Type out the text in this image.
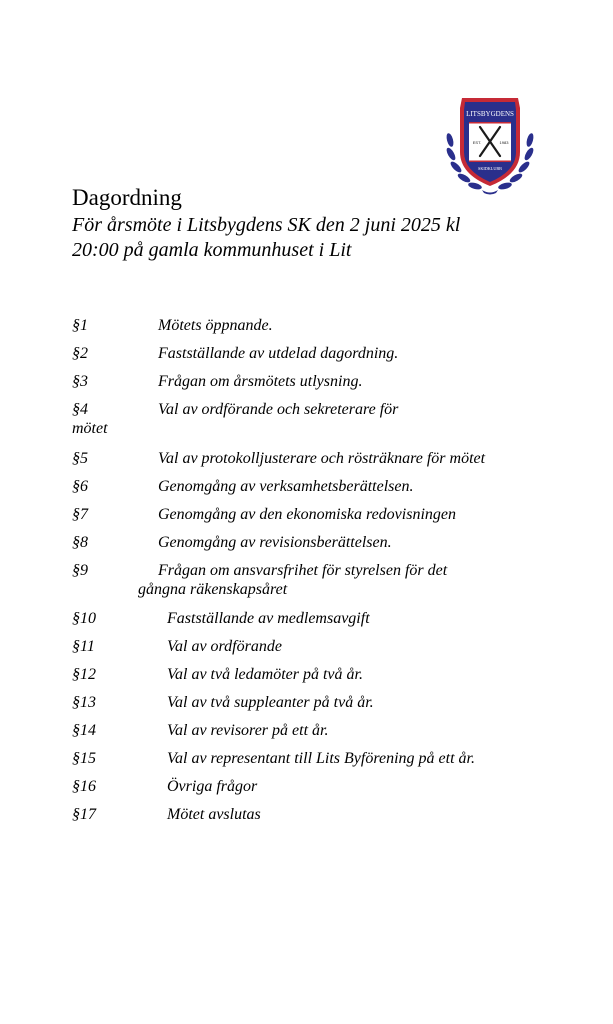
LITSBYGDENS
EST.	1983
SKIDKLUBB
Dagordning
För årsmöte i Litsbygdens SK den 2 juni 2025 kl
20:00 på gamla kommunhuset i Lit
§1	Mötets öppnande.
§2	Fastställande av utdelad dagordning.
§3	Frågan om årsmötets utlysning.
§4	Val av ordförande och sekreterare för
mötet
§5	Val av protokolljusterare och rösträknare för mötet
§6	Genomgång av verksamhetsberättelsen.
§7	Genomgång av den ekonomiska redovisningen
§8	Genomgång av revisionsberättelsen.
§9	Frågan om ansvarsfrihet för styrelsen för det
gångna räkenskapsåret
§10	Fastställande av medlemsavgift
§11	Val av ordförande
§12	Val av två ledamöter på två år.
§13	Val av två suppleanter på två år.
§14	Val av revisorer på ett år.
§15	Val av representant till Lits Byförening på ett år.
§16	Övriga frågor
§17	Mötet avslutas
